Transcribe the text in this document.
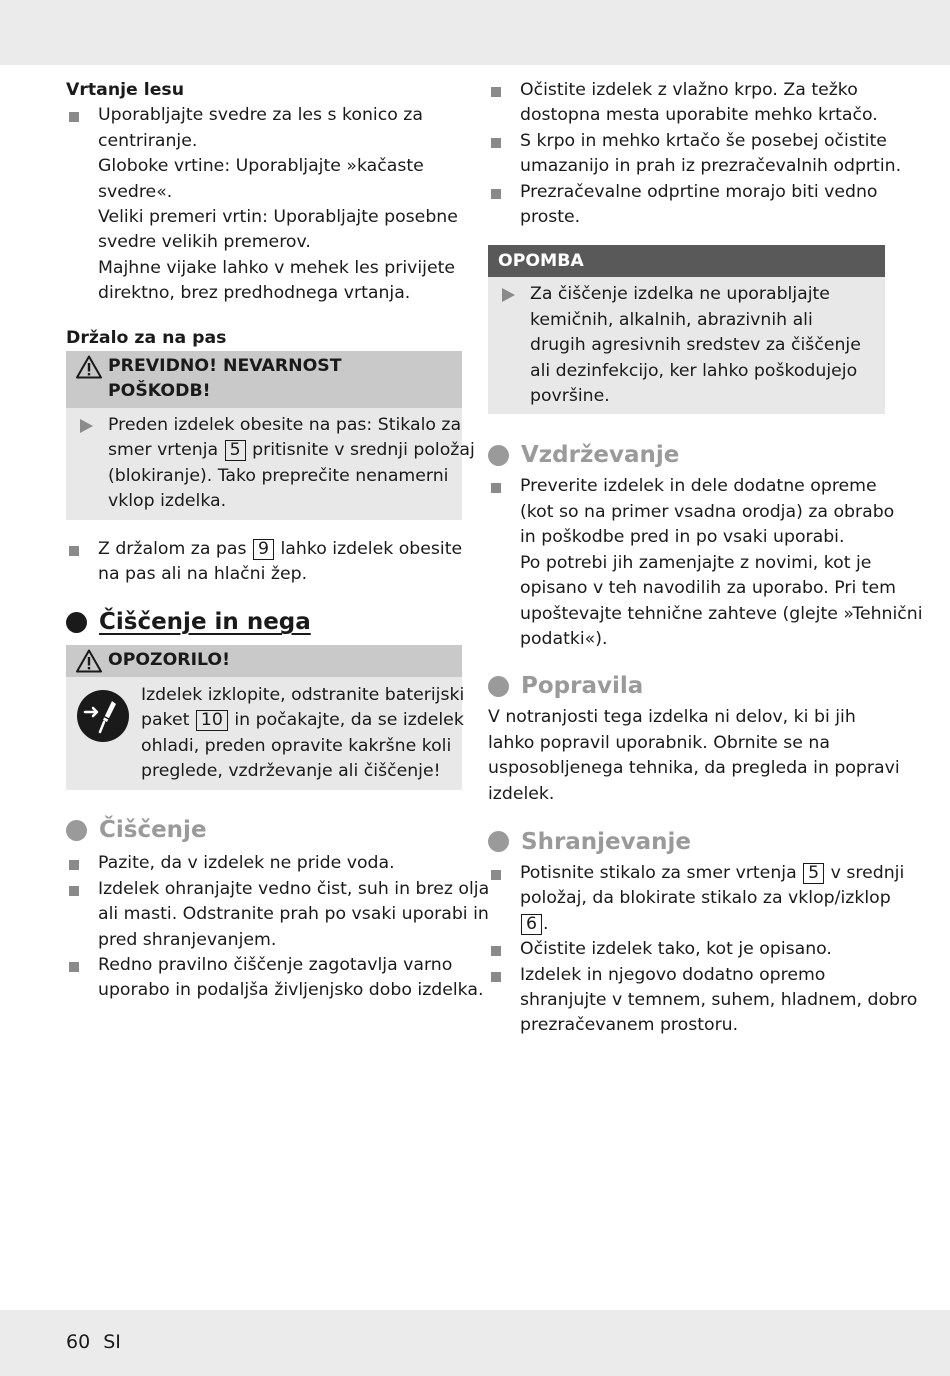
Vrtanje lesu
Uporabljajte svedre za les s konico za
centriranje.
Globoke vrtine: Uporabljajte »kačaste
svedre«.
Veliki premeri vrtin: Uporabljajte posebne
svedre velikih premerov.
Majhne vijake lahko v mehek les privijete
direktno, brez predhodnega vrtanja.
Držalo za na pas
PREVIDNO! NEVARNOST
POŠKODB!
Preden izdelek obesite na pas: Stikalo za
smer vrtenja 5 pritisnite v srednji položaj
(blokiranje). Tako preprečite nenamerni
vklop izdelka.
Z držalom za pas 9 lahko izdelek obesite
na pas ali na hlačni žep.
Čiščenje in nega
OPOZORILO!
Izdelek izklopite, odstranite baterijski
paket 10 in počakajte, da se izdelek
ohladi, preden opravite kakršne koli
preglede, vzdrževanje ali čiščenje!
Čiščenje
Pazite, da v izdelek ne pride voda.
Izdelek ohranjajte vedno čist, suh in brez olja
ali masti. Odstranite prah po vsaki uporabi in
pred shranjevanjem.
Redno pravilno čiščenje zagotavlja varno
uporabo in podaljša življenjsko dobo izdelka.
Očistite izdelek z vlažno krpo. Za težko
dostopna mesta uporabite mehko krtačo.
S krpo in mehko krtačo še posebej očistite
umazanijo in prah iz prezračevalnih odprtin.
Prezračevalne odprtine morajo biti vedno
proste.
OPOMBA
Za čiščenje izdelka ne uporabljajte
kemičnih, alkalnih, abrazivnih ali
drugih agresivnih sredstev za čiščenje
ali dezinfekcijo, ker lahko poškodujejo
površine.
Vzdrževanje
Preverite izdelek in dele dodatne opreme
(kot so na primer vsadna orodja) za obrabo
in poškodbe pred in po vsaki uporabi.
Po potrebi jih zamenjajte z novimi, kot je
opisano v teh navodilih za uporabo. Pri tem
upoštevajte tehnične zahteve (glejte »Tehnični
podatki«).
Popravila
V notranjosti tega izdelka ni delov, ki bi jih
lahko popravil uporabnik. Obrnite se na
usposobljenega tehnika, da pregleda in popravi
izdelek.
Shranjevanje
Potisnite stikalo za smer vrtenja 5 v srednji
položaj, da blokirate stikalo za vklop/izklop
6 .
Očistite izdelek tako, kot je opisano.
Izdelek in njegovo dodatno opremo
shranjujte v temnem, suhem, hladnem, dobro
prezračevanem prostoru.
60 SI
